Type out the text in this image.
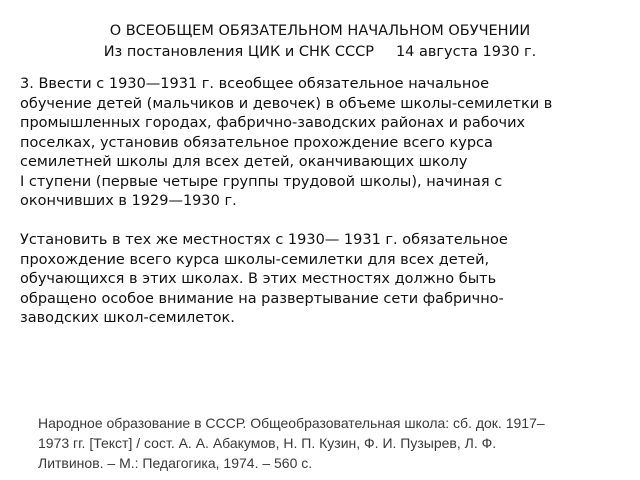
О ВСЕОБЩЕМ ОБЯЗАТЕЛЬНОМ НАЧАЛЬНОМ ОБУЧЕНИИ
Из постановления ЦИК и СНК СССР 14 августа 1930 г.
3. Ввести с 1930—1931 г. всеобщее обязательное начальное
обучение детей (мальчиков и девочек) в объеме школы-семилетки в
промышленных городах, фабрично-заводских районах и рабочих
поселках, установив обязательное прохождение всего курса
семилетней школы для всех детей, оканчивающих школу
I ступени (первые четыре группы трудовой школы), начиная с
окончивших в 1929—1930 г.
Установить в тех же местностях с 1930— 1931 г. обязательное
прохождение всего курса школы-семилетки для всех детей,
обучающихся в этих школах. В этих местностях должно быть
обращено особое внимание на развертывание сети фабрично-
заводских школ-семилеток.
Народное образование в СССР. Общеобразовательная школа: сб. док. 1917–
1973 гг. [Текст] / сост. А. А. Абакумов, Н. П. Кузин, Ф. И. Пузырев, Л. Ф.
Литвинов. – М.: Педагогика, 1974. – 560 с.
